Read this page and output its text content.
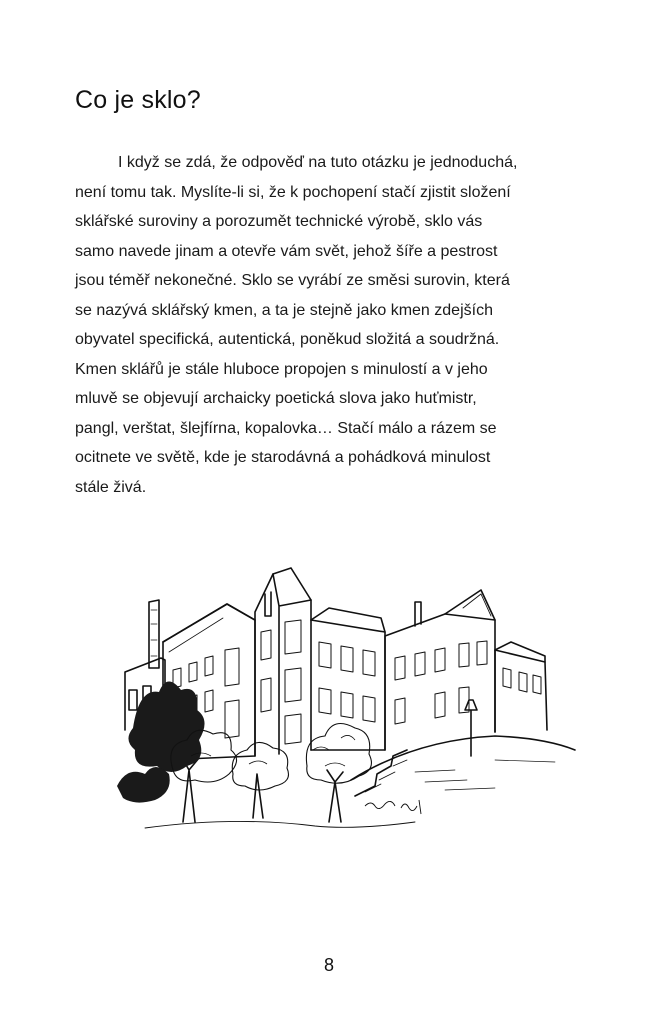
Co je sklo?

I když se zdá, že odpověď na tuto otázku je jednoduchá,
není tomu tak. Myslíte-li si, že k pochopení stačí zjistit složení
sklářské suroviny a porozumět technické výrobě, sklo vás
samo navede jinam a otevře vám svět, jehož šíře a pestrost
jsou téměř nekonečné. Sklo se vyrábí ze směsi surovin, která
se nazývá sklářský kmen, a ta je stejně jako kmen zdejších
obyvatel specifická, autentická, poněkud složitá a soudržná.
Kmen sklářů je stále hluboce propojen s minulostí a v jeho
mluvě se objevují archaicky poetická slova jako huťmistr,
pangl, verštat, šlejfírna, kopalovka… Stačí málo a rázem se
ocitnete ve světě, kde je starodávná a pohádková minulost
stále živá.

8
